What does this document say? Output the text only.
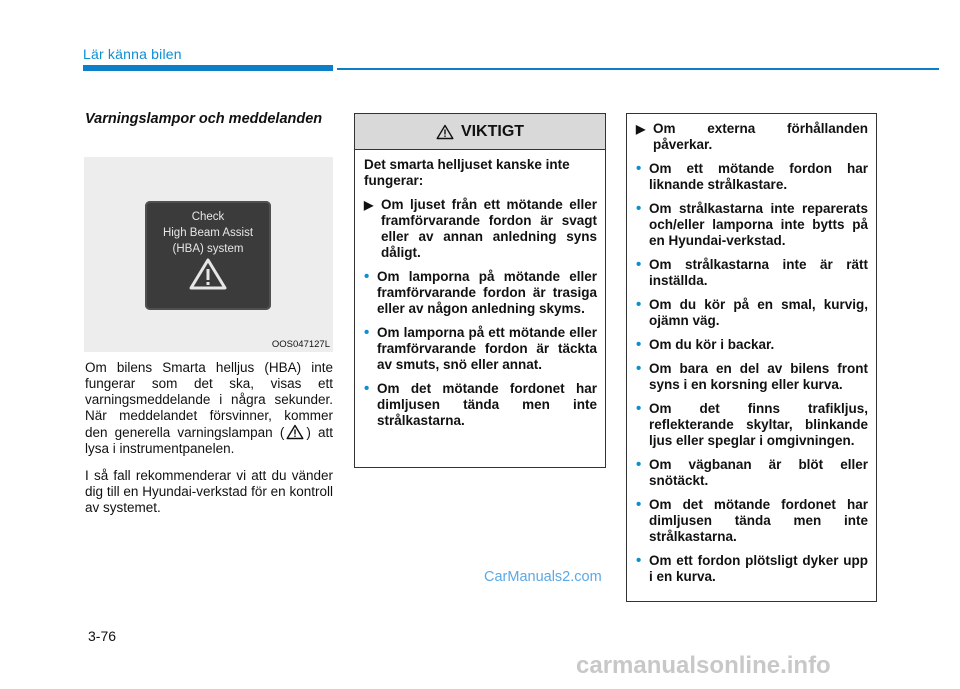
Lär känna bilen
Varningslampor och meddelanden
Check
High Beam Assist
(HBA) system
OOS047127L
Om bilens Smarta helljus (HBA) inte fungerar som det ska, visas ett varningsmeddelande i några sekunder. När meddelandet försvinner, kommer den generella varningslampan ( ) att lysa i instrumentpanelen.
I så fall rekommenderar vi att du vänder dig till en Hyundai-verkstad för en kontroll av systemet.
VIKTIGT

Det smarta helljuset kanske inte fungerar:

▶ Om ljuset från ett mötande eller framförvarande fordon är svagt eller av annan anledning syns dåligt.
• Om lamporna på mötande eller framförvarande fordon är trasiga eller av någon anledning skyms.
• Om lamporna på ett mötande eller framförvarande fordon är täckta av smuts, snö eller annat.
• Om det mötande fordonet har dimljusen tända men inte strålkastarna.
▶ Om externa förhållanden påverkar.
• Om ett mötande fordon har liknande strålkastare.
• Om strålkastarna inte reparerats och/eller lamporna inte bytts på en Hyundai-verkstad.
• Om strålkastarna inte är rätt inställda.
• Om du kör på en smal, kurvig, ojämn väg.
• Om du kör i backar.
• Om bara en del av bilens front syns i en korsning eller kurva.
• Om det finns trafikljus, reflekterande skyltar, blinkande ljus eller speglar i omgivningen.
• Om vägbanan är blöt eller snötäckt.
• Om det mötande fordonet har dimljusen tända men inte strålkastarna.
• Om ett fordon plötsligt dyker upp i en kurva.
CarManuals2.com
3-76
carmanualsonline.info
